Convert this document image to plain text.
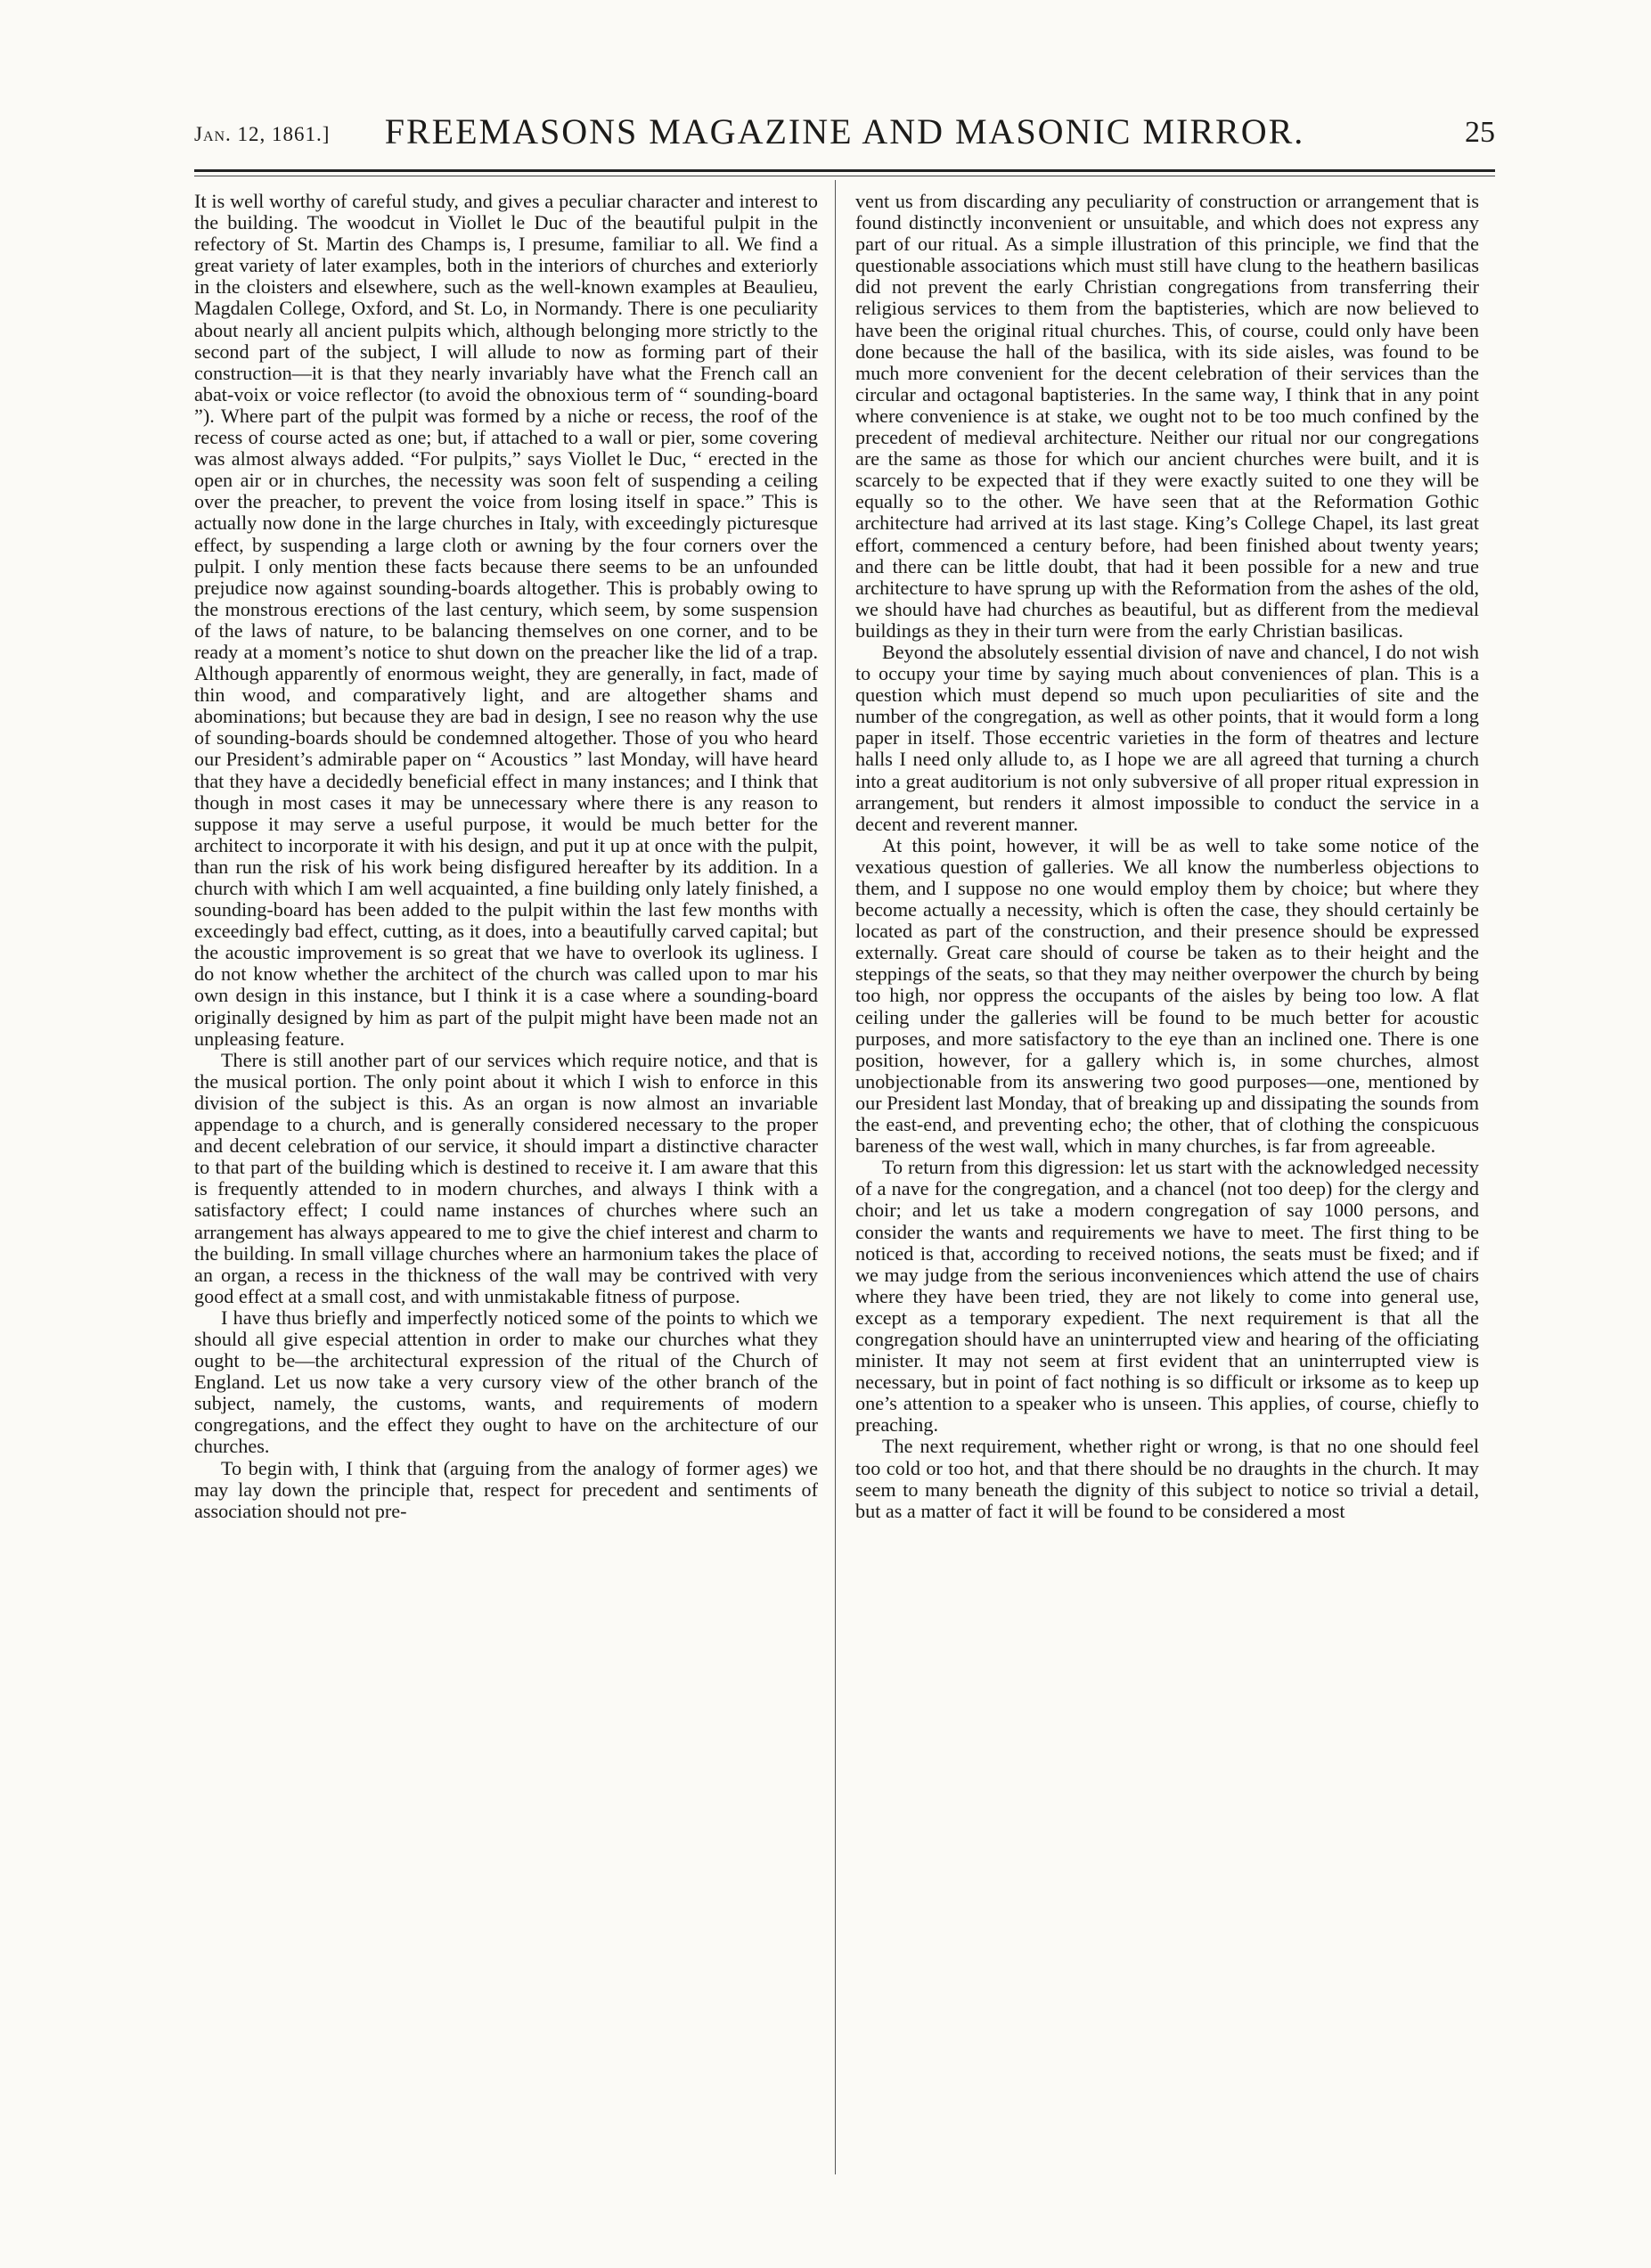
Jan. 12, 1861.]	FREEMASONS MAGAZINE AND MASONIC MIRROR.	25

It is well worthy of careful study, and gives a peculiar character and interest to the building. The woodcut in Viollet le Duc of the beautiful pulpit in the refectory of St. Martin des Champs is, I presume, familiar to all. We find a great variety of later examples, both in the interiors of churches and exteriorly in the cloisters and elsewhere, such as the well-known examples at Beaulieu, Magdalen College, Oxford, and St. Lo, in Normandy. There is one peculiarity about nearly all ancient pulpits which, although belonging more strictly to the second part of the subject, I will allude to now as forming part of their construction—it is that they nearly invariably have what the French call an abat-voix or voice reflector (to avoid the obnoxious term of “ sounding-board ”). Where part of the pulpit was formed by a niche or recess, the roof of the recess of course acted as one; but, if attached to a wall or pier, some covering was almost always added. “For pulpits,” says Viollet le Duc, “ erected in the open air or in churches, the necessity was soon felt of suspending a ceiling over the preacher, to prevent the voice from losing itself in space.” This is actually now done in the large churches in Italy, with exceedingly picturesque effect, by suspending a large cloth or awning by the four corners over the pulpit. I only mention these facts because there seems to be an unfounded prejudice now against sounding-boards altogether. This is probably owing to the monstrous erections of the last century, which seem, by some suspension of the laws of nature, to be balancing themselves on one corner, and to be ready at a moment’s notice to shut down on the preacher like the lid of a trap. Although apparently of enormous weight, they are generally, in fact, made of thin wood, and comparatively light, and are altogether shams and abominations; but because they are bad in design, I see no reason why the use of sounding-boards should be condemned altogether. Those of you who heard our President’s admirable paper on “ Acoustics ” last Monday, will have heard that they have a decidedly beneficial effect in many instances; and I think that though in most cases it may be unnecessary where there is any reason to suppose it may serve a useful purpose, it would be much better for the architect to incorporate it with his design, and put it up at once with the pulpit, than run the risk of his work being disfigured hereafter by its addition. In a church with which I am well acquainted, a fine building only lately finished, a sounding-board has been added to the pulpit within the last few months with exceedingly bad effect, cutting, as it does, into a beautifully carved capital; but the acoustic improvement is so great that we have to overlook its ugliness. I do not know whether the architect of the church was called upon to mar his own design in this instance, but I think it is a case where a sounding-board originally designed by him as part of the pulpit might have been made not an unpleasing feature.

There is still another part of our services which require notice, and that is the musical portion. The only point about it which I wish to enforce in this division of the subject is this. As an organ is now almost an invariable appendage to a church, and is generally considered necessary to the proper and decent celebration of our service, it should impart a distinctive character to that part of the building which is destined to receive it. I am aware that this is frequently attended to in modern churches, and always I think with a satisfactory effect; I could name instances of churches where such an arrangement has always appeared to me to give the chief interest and charm to the building. In small village churches where an harmonium takes the place of an organ, a recess in the thickness of the wall may be contrived with very good effect at a small cost, and with unmistakable fitness of purpose.

I have thus briefly and imperfectly noticed some of the points to which we should all give especial attention in order to make our churches what they ought to be—the architectural expression of the ritual of the Church of England. Let us now take a very cursory view of the other branch of the subject, namely, the customs, wants, and requirements of modern congregations, and the effect they ought to have on the architecture of our churches.

To begin with, I think that (arguing from the analogy of former ages) we may lay down the principle that, respect for precedent and sentiments of association should not pre-

vent us from discarding any peculiarity of construction or arrangement that is found distinctly inconvenient or unsuitable, and which does not express any part of our ritual. As a simple illustration of this principle, we find that the questionable associations which must still have clung to the heathern basilicas did not prevent the early Christian congregations from transferring their religious services to them from the baptisteries, which are now believed to have been the original ritual churches. This, of course, could only have been done because the hall of the basilica, with its side aisles, was found to be much more convenient for the decent celebration of their services than the circular and octagonal baptisteries. In the same way, I think that in any point where convenience is at stake, we ought not to be too much confined by the precedent of medieval architecture. Neither our ritual nor our congregations are the same as those for which our ancient churches were built, and it is scarcely to be expected that if they were exactly suited to one they will be equally so to the other. We have seen that at the Reformation Gothic architecture had arrived at its last stage. King’s College Chapel, its last great effort, commenced a century before, had been finished about twenty years; and there can be little doubt, that had it been possible for a new and true architecture to have sprung up with the Reformation from the ashes of the old, we should have had churches as beautiful, but as different from the medieval buildings as they in their turn were from the early Christian basilicas.

Beyond the absolutely essential division of nave and chancel, I do not wish to occupy your time by saying much about conveniences of plan. This is a question which must depend so much upon peculiarities of site and the number of the congregation, as well as other points, that it would form a long paper in itself. Those eccentric varieties in the form of theatres and lecture halls I need only allude to, as I hope we are all agreed that turning a church into a great auditorium is not only subversive of all proper ritual expression in arrangement, but renders it almost impossible to conduct the service in a decent and reverent manner.

At this point, however, it will be as well to take some notice of the vexatious question of galleries. We all know the numberless objections to them, and I suppose no one would employ them by choice; but where they become actually a necessity, which is often the case, they should certainly be located as part of the construction, and their presence should be expressed externally. Great care should of course be taken as to their height and the steppings of the seats, so that they may neither overpower the church by being too high, nor oppress the occupants of the aisles by being too low. A flat ceiling under the galleries will be found to be much better for acoustic purposes, and more satisfactory to the eye than an inclined one. There is one position, however, for a gallery which is, in some churches, almost unobjectionable from its answering two good purposes—one, mentioned by our President last Monday, that of breaking up and dissipating the sounds from the east-end, and preventing echo; the other, that of clothing the conspicuous bareness of the west wall, which in many churches, is far from agreeable.

To return from this digression: let us start with the acknowledged necessity of a nave for the congregation, and a chancel (not too deep) for the clergy and choir; and let us take a modern congregation of say 1000 persons, and consider the wants and requirements we have to meet. The first thing to be noticed is that, according to received notions, the seats must be fixed; and if we may judge from the serious inconveniences which attend the use of chairs where they have been tried, they are not likely to come into general use, except as a temporary expedient. The next requirement is that all the congregation should have an uninterrupted view and hearing of the officiating minister. It may not seem at first evident that an uninterrupted view is necessary, but in point of fact nothing is so difficult or irksome as to keep up one’s attention to a speaker who is unseen. This applies, of course, chiefly to preaching.

The next requirement, whether right or wrong, is that no one should feel too cold or too hot, and that there should be no draughts in the church. It may seem to many beneath the dignity of this subject to notice so trivial a detail, but as a matter of fact it will be found to be considered a most
